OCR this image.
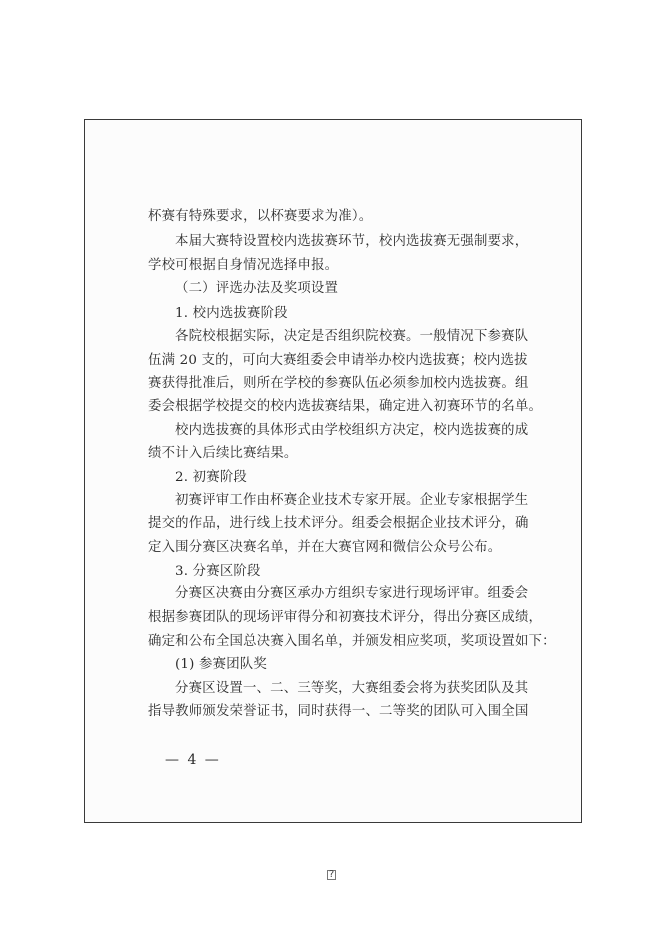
杯赛有特殊要求，以杯赛要求为准）。
本届大赛特设置校内选拔赛环节，校内选拔赛无强制要求，
学校可根据自身情况选择申报。
（二）评选办法及奖项设置
1. 校内选拔赛阶段
各院校根据实际，决定是否组织院校赛。一般情况下参赛队
伍满 20 支的，可向大赛组委会申请举办校内选拔赛；校内选拔
赛获得批准后，则所在学校的参赛队伍必须参加校内选拔赛。组
委会根据学校提交的校内选拔赛结果，确定进入初赛环节的名单。
校内选拔赛的具体形式由学校组织方决定，校内选拔赛的成
绩不计入后续比赛结果。
2. 初赛阶段
初赛评审工作由杯赛企业技术专家开展。企业专家根据学生
提交的作品，进行线上技术评分。组委会根据企业技术评分，确
定入围分赛区决赛名单，并在大赛官网和微信公众号公布。
3. 分赛区阶段
分赛区决赛由分赛区承办方组织专家进行现场评审。组委会
根据参赛团队的现场评审得分和初赛技术评分，得出分赛区成绩，
确定和公布全国总决赛入围名单，并颁发相应奖项，奖项设置如下：
(1) 参赛团队奖
分赛区设置一、二、三等奖，大赛组委会将为获奖团队及其
指导教师颁发荣誉证书，同时获得一、二等奖的团队可入围全国
— 4 —
?
